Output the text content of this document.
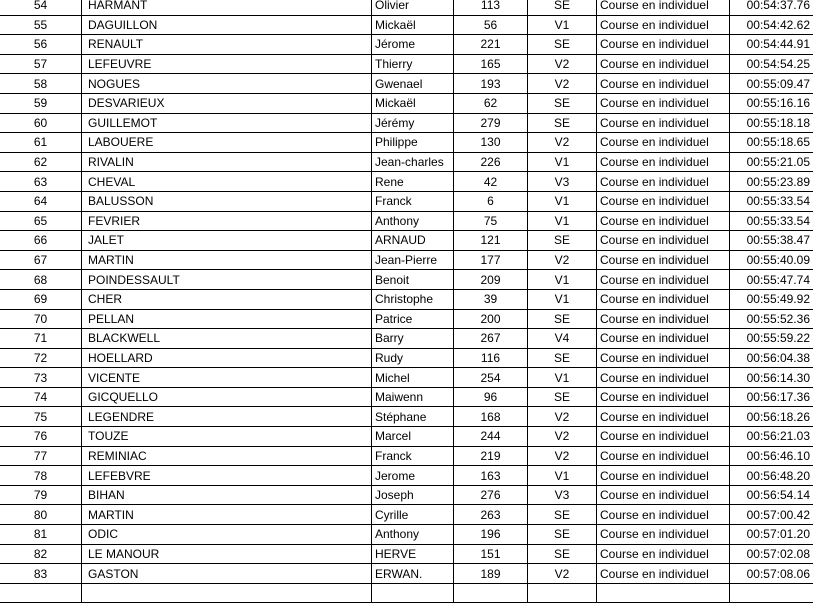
54	HARMANT	Olivier	113	SE	Course en individuel	00:54:37.76
55	DAGUILLON	Mickaël	56	V1	Course en individuel	00:54:42.62
56	RENAULT	Jérome	221	SE	Course en individuel	00:54:44.91
57	LEFEUVRE	Thierry	165	V2	Course en individuel	00:54:54.25
58	NOGUES	Gwenael	193	V2	Course en individuel	00:55:09.47
59	DESVARIEUX	Mickaël	62	SE	Course en individuel	00:55:16.16
60	GUILLEMOT	Jérémy	279	SE	Course en individuel	00:55:18.18
61	LABOUERE	Philippe	130	V2	Course en individuel	00:55:18.65
62	RIVALIN	Jean-charles	226	V1	Course en individuel	00:55:21.05
63	CHEVAL	Rene	42	V3	Course en individuel	00:55:23.89
64	BALUSSON	Franck	6	V1	Course en individuel	00:55:33.54
65	FEVRIER	Anthony	75	V1	Course en individuel	00:55:33.54
66	JALET	ARNAUD	121	SE	Course en individuel	00:55:38.47
67	MARTIN	Jean-Pierre	177	V2	Course en individuel	00:55:40.09
68	POINDESSAULT	Benoit	209	V1	Course en individuel	00:55:47.74
69	CHER	Christophe	39	V1	Course en individuel	00:55:49.92
70	PELLAN	Patrice	200	SE	Course en individuel	00:55:52.36
71	BLACKWELL	Barry	267	V4	Course en individuel	00:55:59.22
72	HOELLARD	Rudy	116	SE	Course en individuel	00:56:04.38
73	VICENTE	Michel	254	V1	Course en individuel	00:56:14.30
74	GICQUELLO	Maiwenn	96	SE	Course en individuel	00:56:17.36
75	LEGENDRE	Stéphane	168	V2	Course en individuel	00:56:18.26
76	TOUZE	Marcel	244	V2	Course en individuel	00:56:21.03
77	REMINIAC	Franck	219	V2	Course en individuel	00:56:46.10
78	LEFEBVRE	Jerome	163	V1	Course en individuel	00:56:48.20
79	BIHAN	Joseph	276	V3	Course en individuel	00:56:54.14
80	MARTIN	Cyrille	263	SE	Course en individuel	00:57:00.42
81	ODIC	Anthony	196	SE	Course en individuel	00:57:01.20
82	LE MANOUR	HERVE	151	SE	Course en individuel	00:57:02.08
83	GASTON	ERWAN.	189	V2	Course en individuel	00:57:08.06
